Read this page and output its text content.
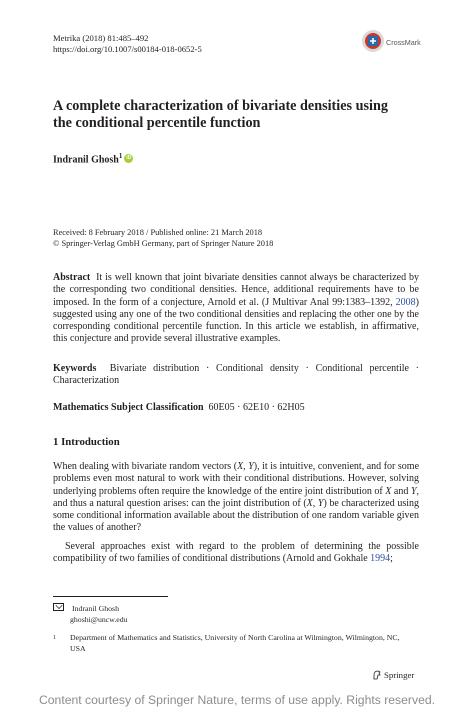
Metrika (2018) 81:485–492
https://doi.org/10.1007/s00184-018-0652-5
CrossMark
A complete characterization of bivariate densities using
the conditional percentile function
Indranil Ghosh$^1$ iD
Received: 8 February 2018 / Published online: 21 March 2018
© Springer-Verlag GmbH Germany, part of Springer Nature 2018
Abstract It is well known that joint bivariate densities cannot always be characterized by the corresponding two conditional densities. Hence, additional requirements have to be imposed. In the form of a conjecture, Arnold et al. (J Multivar Anal 99:1383–1392, 2008) suggested using any one of the two conditional densities and replacing the other one by the corresponding conditional percentile function. In this article we establish, in affirmative, this conjecture and provide several illustrative examples.
Keywords Bivariate distribution · Conditional density · Conditional percentile · Characterization
Mathematics Subject Classification 60E05 · 62E10 · 62H05
1 Introduction
When dealing with bivariate random vectors (X, Y), it is intuitive, convenient, and for some problems even most natural to work with their conditional distributions. However, solving underlying problems often require the knowledge of the entire joint distribution of X and Y, and thus a natural question arises: can the joint distribution of (X, Y) be characterized using some conditional information available about the distribution of one random variable given the values of another?
Several approaches exist with regard to the problem of determining the possible compatibility of two families of conditional distributions (Arnold and Gokhale 1994;
Indranil Ghosh
ghoshi@uncw.edu
1 Department of Mathematics and Statistics, University of North Carolina at Wilmington, Wilmington, NC, USA
Springer
Content courtesy of Springer Nature, terms of use apply. Rights reserved.
